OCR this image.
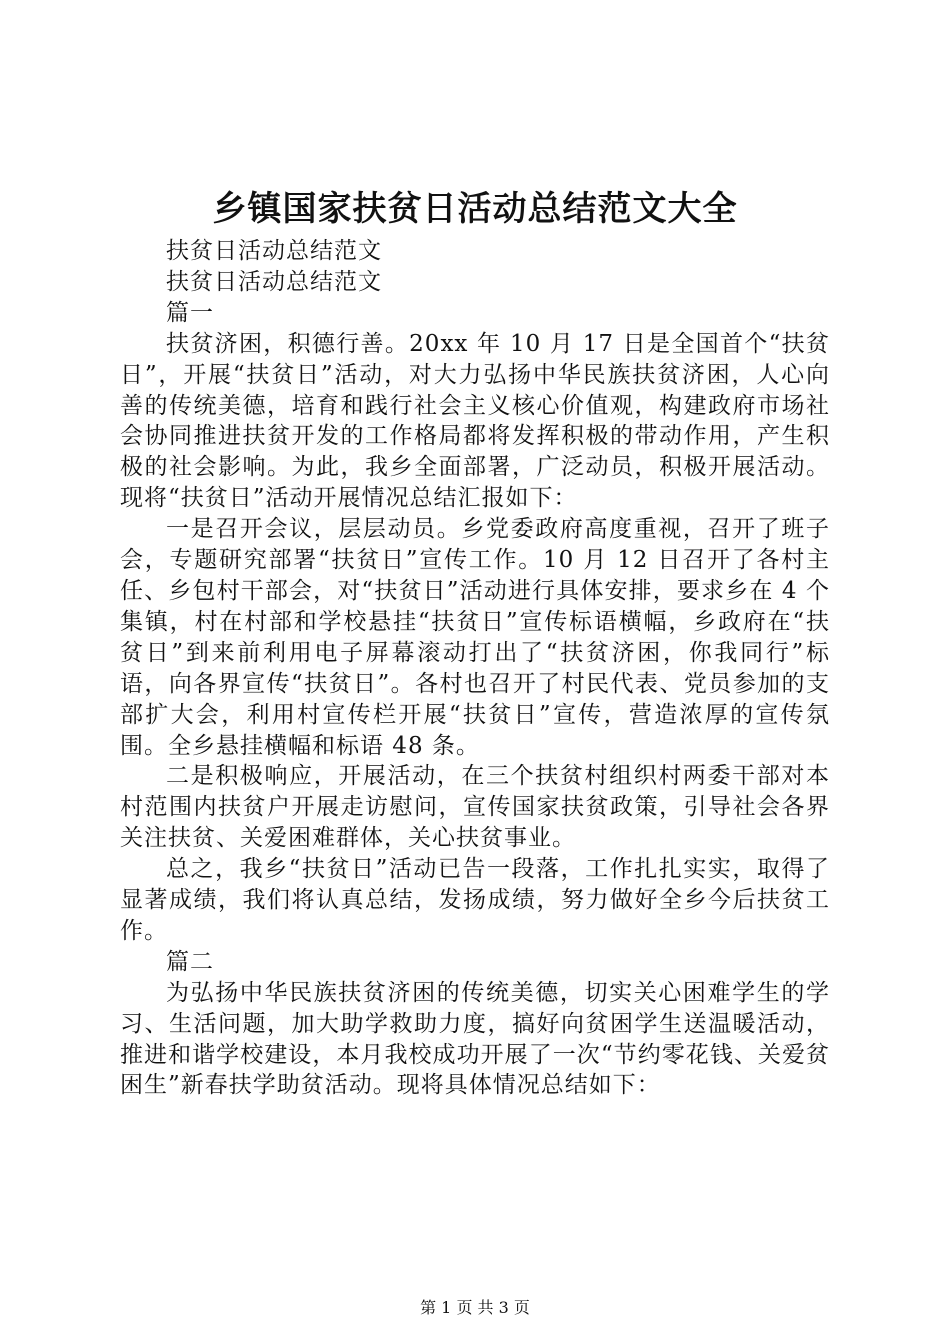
乡镇国家扶贫日活动总结范文大全

扶贫日活动总结范文

扶贫日活动总结范文

篇一

扶贫济困，积德行善。20xx 年 10 月 17 日是全国首个“扶贫日”，开展“扶贫日”活动，对大力弘扬中华民族扶贫济困，人心向善的传统美德，培育和践行社会主义核心价值观，构建政府市场社会协同推进扶贫开发的工作格局都将发挥积极的带动作用，产生积极的社会影响。为此，我乡全面部署，广泛动员，积极开展活动。现将“扶贫日”活动开展情况总结汇报如下：

一是召开会议，层层动员。乡党委政府高度重视，召开了班子会，专题研究部署“扶贫日”宣传工作。10 月 12 日召开了各村主任、乡包村干部会，对“扶贫日”活动进行具体安排，要求乡在 4 个集镇，村在村部和学校悬挂“扶贫日”宣传标语横幅，乡政府在“扶贫日”到来前利用电子屏幕滚动打出了“扶贫济困，你我同行”标语，向各界宣传“扶贫日”。各村也召开了村民代表、党员参加的支部扩大会，利用村宣传栏开展“扶贫日”宣传，营造浓厚的宣传氛围。全乡悬挂横幅和标语 48 条。

二是积极响应，开展活动，在三个扶贫村组织村两委干部对本村范围内扶贫户开展走访慰问，宣传国家扶贫政策，引导社会各界关注扶贫、关爱困难群体，关心扶贫事业。

总之，我乡“扶贫日”活动已告一段落，工作扎扎实实，取得了显著成绩，我们将认真总结，发扬成绩，努力做好全乡今后扶贫工作。

篇二

为弘扬中华民族扶贫济困的传统美德，切实关心困难学生的学习、生活问题，加大助学救助力度，搞好向贫困学生送温暖活动，推进和谐学校建设，本月我校成功开展了一次“节约零花钱、关爱贫困生”新春扶学助贫活动。现将具体情况总结如下：

第 1 页 共 3 页
